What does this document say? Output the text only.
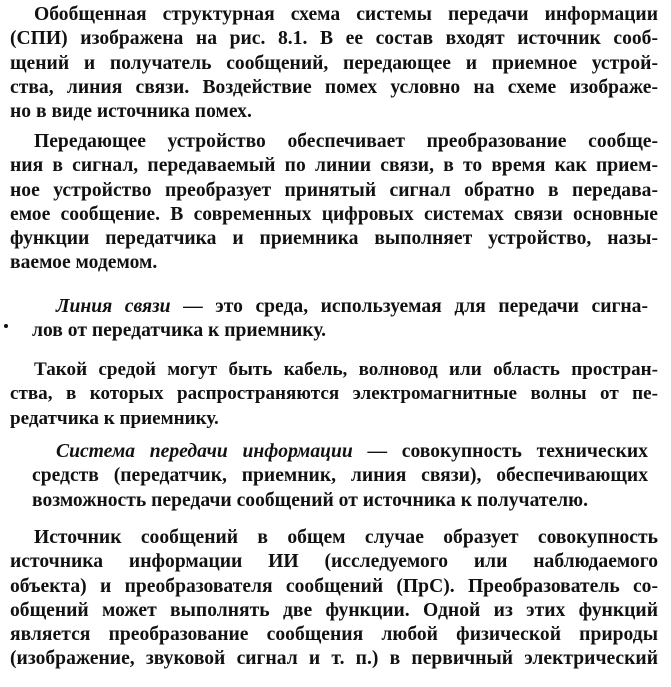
Обобщенная структурная схема системы передачи информации
(СПИ) изображена на рис. 8.1. В ее состав входят источник сооб-
щений и получатель сообщений, передающее и приемное устрой-
ства, линия связи. Воздействие помех условно на схеме изображе-
но в виде источника помех.

Передающее устройство обеспечивает преобразование сообще-
ния в сигнал, передаваемый по линии связи, в то время как прием-
ное устройство преобразует принятый сигнал обратно в передава-
емое сообщение. В современных цифровых системах связи основные
функции передатчика и приемника выполняет устройство, назы-
ваемое модемом.

Линия связи — это среда, используемая для передачи сигна-
лов от передатчика к приемнику.

Такой средой могут быть кабель, волновод или область простран-
ства, в которых распространяются электромагнитные волны от пе-
редатчика к приемнику.

Система передачи информации — совокупность технических
средств (передатчик, приемник, линия связи), обеспечивающих
возможность передачи сообщений от источника к получателю.

Источник сообщений в общем случае образует совокупность
источника информации ИИ (исследуемого или наблюдаемого
объекта) и преобразователя сообщений (ПрС). Преобразователь со-
общений может выполнять две функции. Одной из этих функций
является преобразование сообщения любой физической природы
(изображение, звуковой сигнал и т. п.) в первичный электрический
